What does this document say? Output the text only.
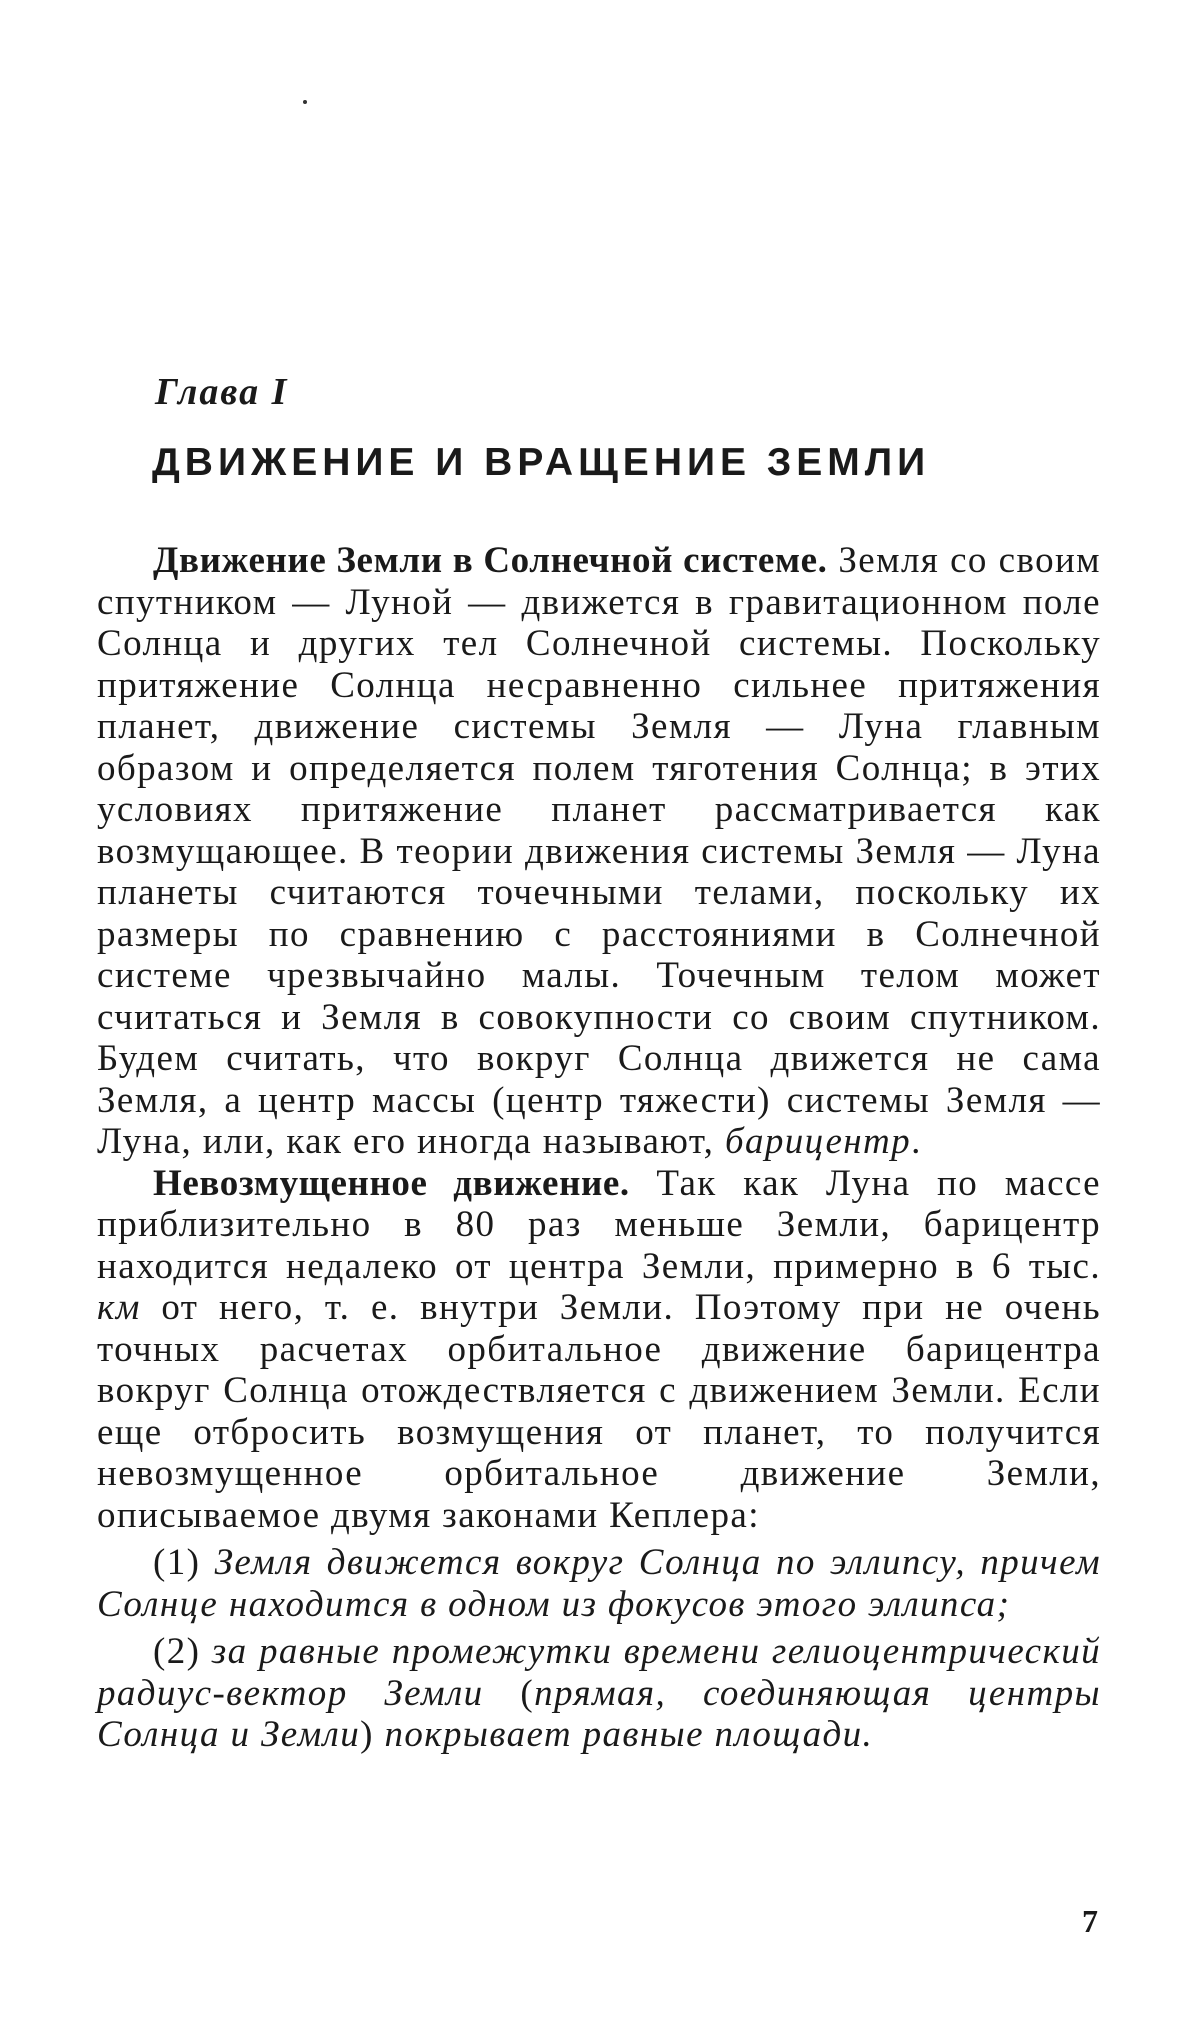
Глава I
ДВИЖЕНИЕ И ВРАЩЕНИЕ ЗЕМЛИ

Движение Земли в Солнечной системе. Земля со своим спутником — Луной — движется в гравитационном поле Солнца и других тел Солнечной системы. Поскольку притяжение Солнца несравненно сильнее притяжения планет, движение системы Земля — Луна главным образом и определяется полем тяготения Солнца; в этих условиях притяжение планет рассматривается как возмущающее. В теории движения системы Земля — Луна планеты считаются точечными телами, поскольку их размеры по сравнению с расстояниями в Солнечной системе чрезвычайно малы. Точечным телом может считаться и Земля в совокупности со своим спутником. Будем считать, что вокруг Солнца движется не сама Земля, а центр массы (центр тяжести) системы Земля — Луна, или, как его иногда называют, барицентр.

Невозмущенное движение. Так как Луна по массе приблизительно в 80 раз меньше Земли, барицентр находится недалеко от центра Земли, примерно в 6 тыс. км от него, т. е. внутри Земли. Поэтому при не очень точных расчетах орбитальное движение барицентра вокруг Солнца отождествляется с движением Земли. Если еще отбросить возмущения от планет, то получится невозмущенное орбитальное движение Земли, описываемое двумя законами Кеплера:

(1) Земля движется вокруг Солнца по эллипсу, причем Солнце находится в одном из фокусов этого эллипса;

(2) за равные промежутки времени гелиоцентрический радиус-вектор Земли (прямая, соединяющая центры Солнца и Земли) покрывает равные площади.

7
